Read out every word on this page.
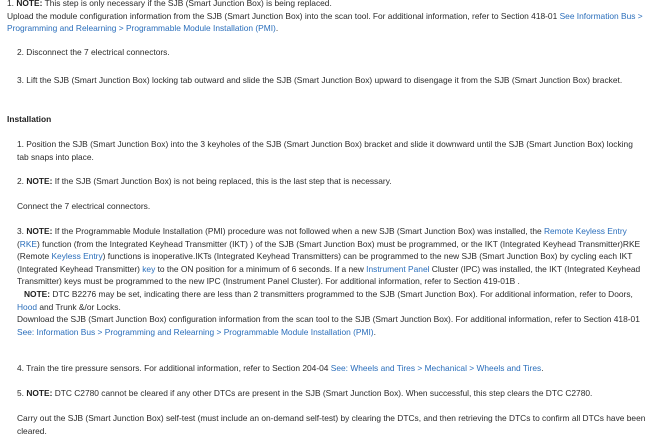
1. NOTE: This step is only necessary if the SJB (Smart Junction Box) is being replaced.
Upload the module configuration information from the SJB (Smart Junction Box) into the scan tool. For additional information, refer to Section 418-01 See Information Bus > Programming and Relearning > Programmable Module Installation (PMI).
2. Disconnect the 7 electrical connectors.
3. Lift the SJB (Smart Junction Box) locking tab outward and slide the SJB (Smart Junction Box) upward to disengage it from the SJB (Smart Junction Box) bracket.
Installation
1. Position the SJB (Smart Junction Box) into the 3 keyholes of the SJB (Smart Junction Box) bracket and slide it downward until the SJB (Smart Junction Box) locking tab snaps into place.
2. NOTE: If the SJB (Smart Junction Box) is not being replaced, this is the last step that is necessary.
Connect the 7 electrical connectors.
3. NOTE: If the Programmable Module Installation (PMI) procedure was not followed when a new SJB (Smart Junction Box) was installed, the Remote Keyless Entry (RKE) function (from the Integrated Keyhead Transmitter (IKT) ) of the SJB (Smart Junction Box) must be programmed, or the IKT (Integrated Keyhead Transmitter)RKE (Remote Keyless Entry) functions is inoperative.IKTs (Integrated Keyhead Transmitters) can be programmed to the new SJB (Smart Junction Box) by cycling each IKT (Integrated Keyhead Transmitter) key to the ON position for a minimum of 6 seconds. If a new Instrument Panel Cluster (IPC) was installed, the IKT (Integrated Keyhead Transmitter) keys must be programmed to the new IPC (Instrument Panel Cluster). For additional information, refer to Section 419-01B .
NOTE: DTC B2276 may be set, indicating there are less than 2 transmitters programmed to the SJB (Smart Junction Box). For additional information, refer to Doors, Hood and Trunk &/or Locks.
Download the SJB (Smart Junction Box) configuration information from the scan tool to the SJB (Smart Junction Box). For additional information, refer to Section 418-01 See: Information Bus > Programming and Relearning > Programmable Module Installation (PMI).
4. Train the tire pressure sensors. For additional information, refer to Section 204-04 See: Wheels and Tires > Mechanical > Wheels and Tires.
5. NOTE: DTC C2780 cannot be cleared if any other DTCs are present in the SJB (Smart Junction Box). When successful, this step clears the DTC C2780.
Carry out the SJB (Smart Junction Box) self-test (must include an on-demand self-test) by clearing the DTCs, and then retrieving the DTCs to confirm all DTCs have been cleared.
